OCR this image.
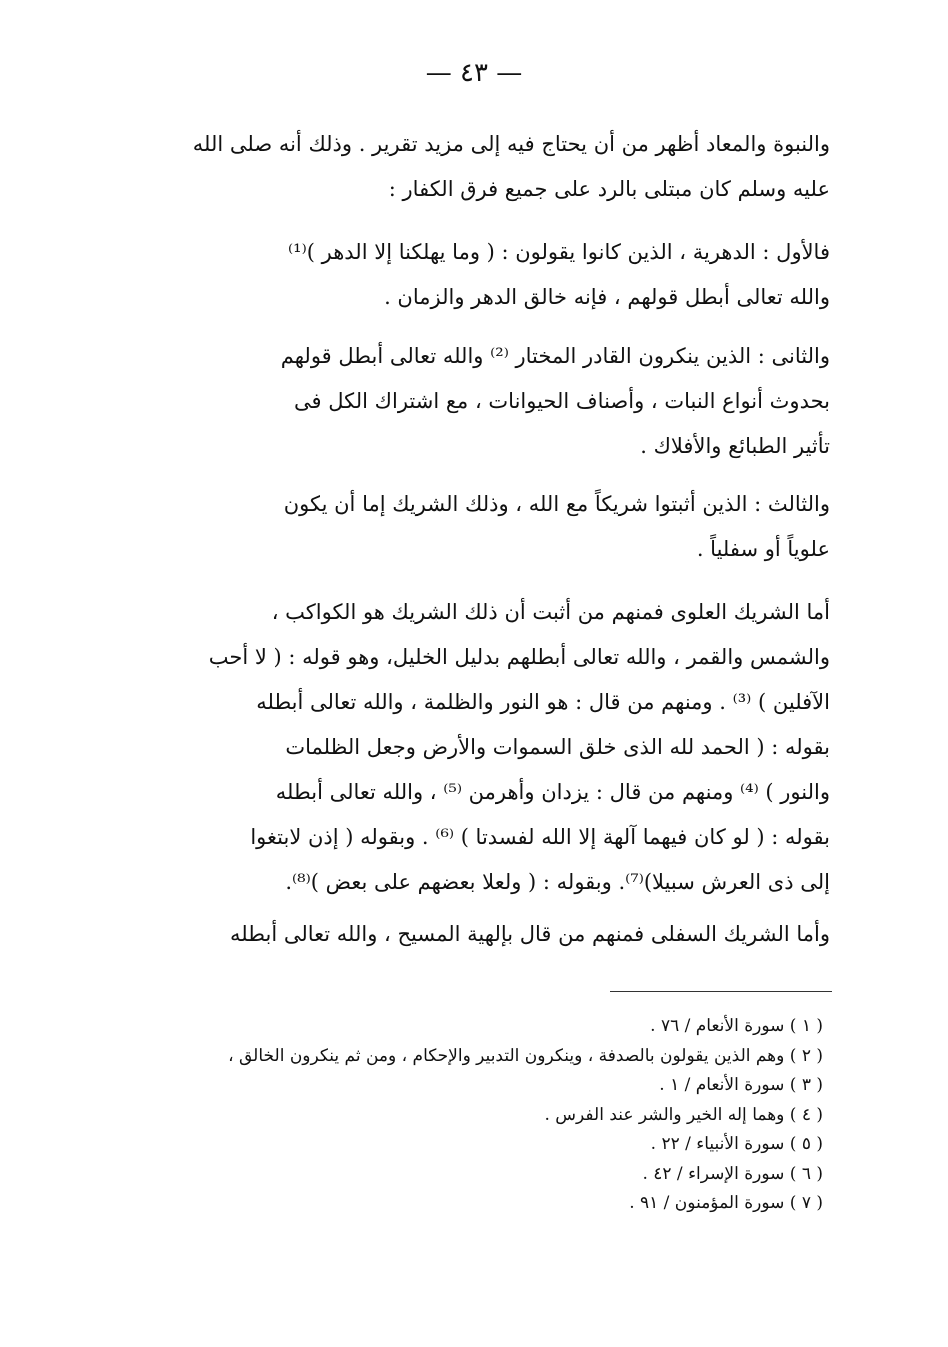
— ٤٣ —
والنبوة والمعاد أظهر من أن يحتاج فيه إلى مزيد تقرير . وذلك أنه صلى الله
عليه وسلم كان مبتلى بالرد على جميع فرق الكفار :
فالأول : الدهرية ، الذين كانوا يقولون : ( وما يهلكنا إلا الدهر )⁽¹⁾
والله تعالى أبطل قولهم ، فإنه خالق الدهر والزمان .
والثانى : الذين ينكرون القادر المختار ⁽²⁾ والله تعالى أبطل قولهم
بحدوث أنواع النبات ، وأصناف الحيوانات ، مع اشتراك الكل فى
تأثير الطبائع والأفلاك .
والثالث : الذين أثبتوا شريكاً مع الله ، وذلك الشريك إما أن يكون
علوياً أو سفلياً .
أما الشريك العلوى فمنهم من أثبت أن ذلك الشريك هو الكواكب ،
والشمس والقمر ، والله تعالى أبطلهم بدليل الخليل، وهو قوله : ( لا أحب
الآفلين ) ⁽³⁾ . ومنهم من قال : هو النور والظلمة ، والله تعالى أبطله
بقوله : ( الحمد لله الذى خلق السموات والأرض وجعل الظلمات
والنور ) ⁽⁴⁾ ومنهم من قال : يزدان وأهرمن ⁽⁵⁾ ، والله تعالى أبطله
بقوله : ( لو كان فيهما آلهة إلا الله لفسدتا ) ⁽⁶⁾ . وبقوله ( إذن لابتغوا
إلى ذى العرش سبيلا)⁽⁷⁾. وبقوله : ( ولعلا بعضهم على بعض )⁽⁸⁾.
وأما الشريك السفلى فمنهم من قال بإلهية المسيح ، والله تعالى أبطله
( ١ ) سورة الأنعام / ٧٦ .
( ٢ ) وهم الذين يقولون بالصدفة ، وينكرون التدبير والإحكام ، ومن ثم ينكرون الخالق ،
( ٣ ) سورة الأنعام / ١ .
( ٤ ) وهما إله الخير والشر عند الفرس .
( ٥ ) سورة الأنبياء / ٢٢ .
( ٦ ) سورة الإسراء / ٤٢ .
( ٧ ) سورة المؤمنون / ٩١ .
